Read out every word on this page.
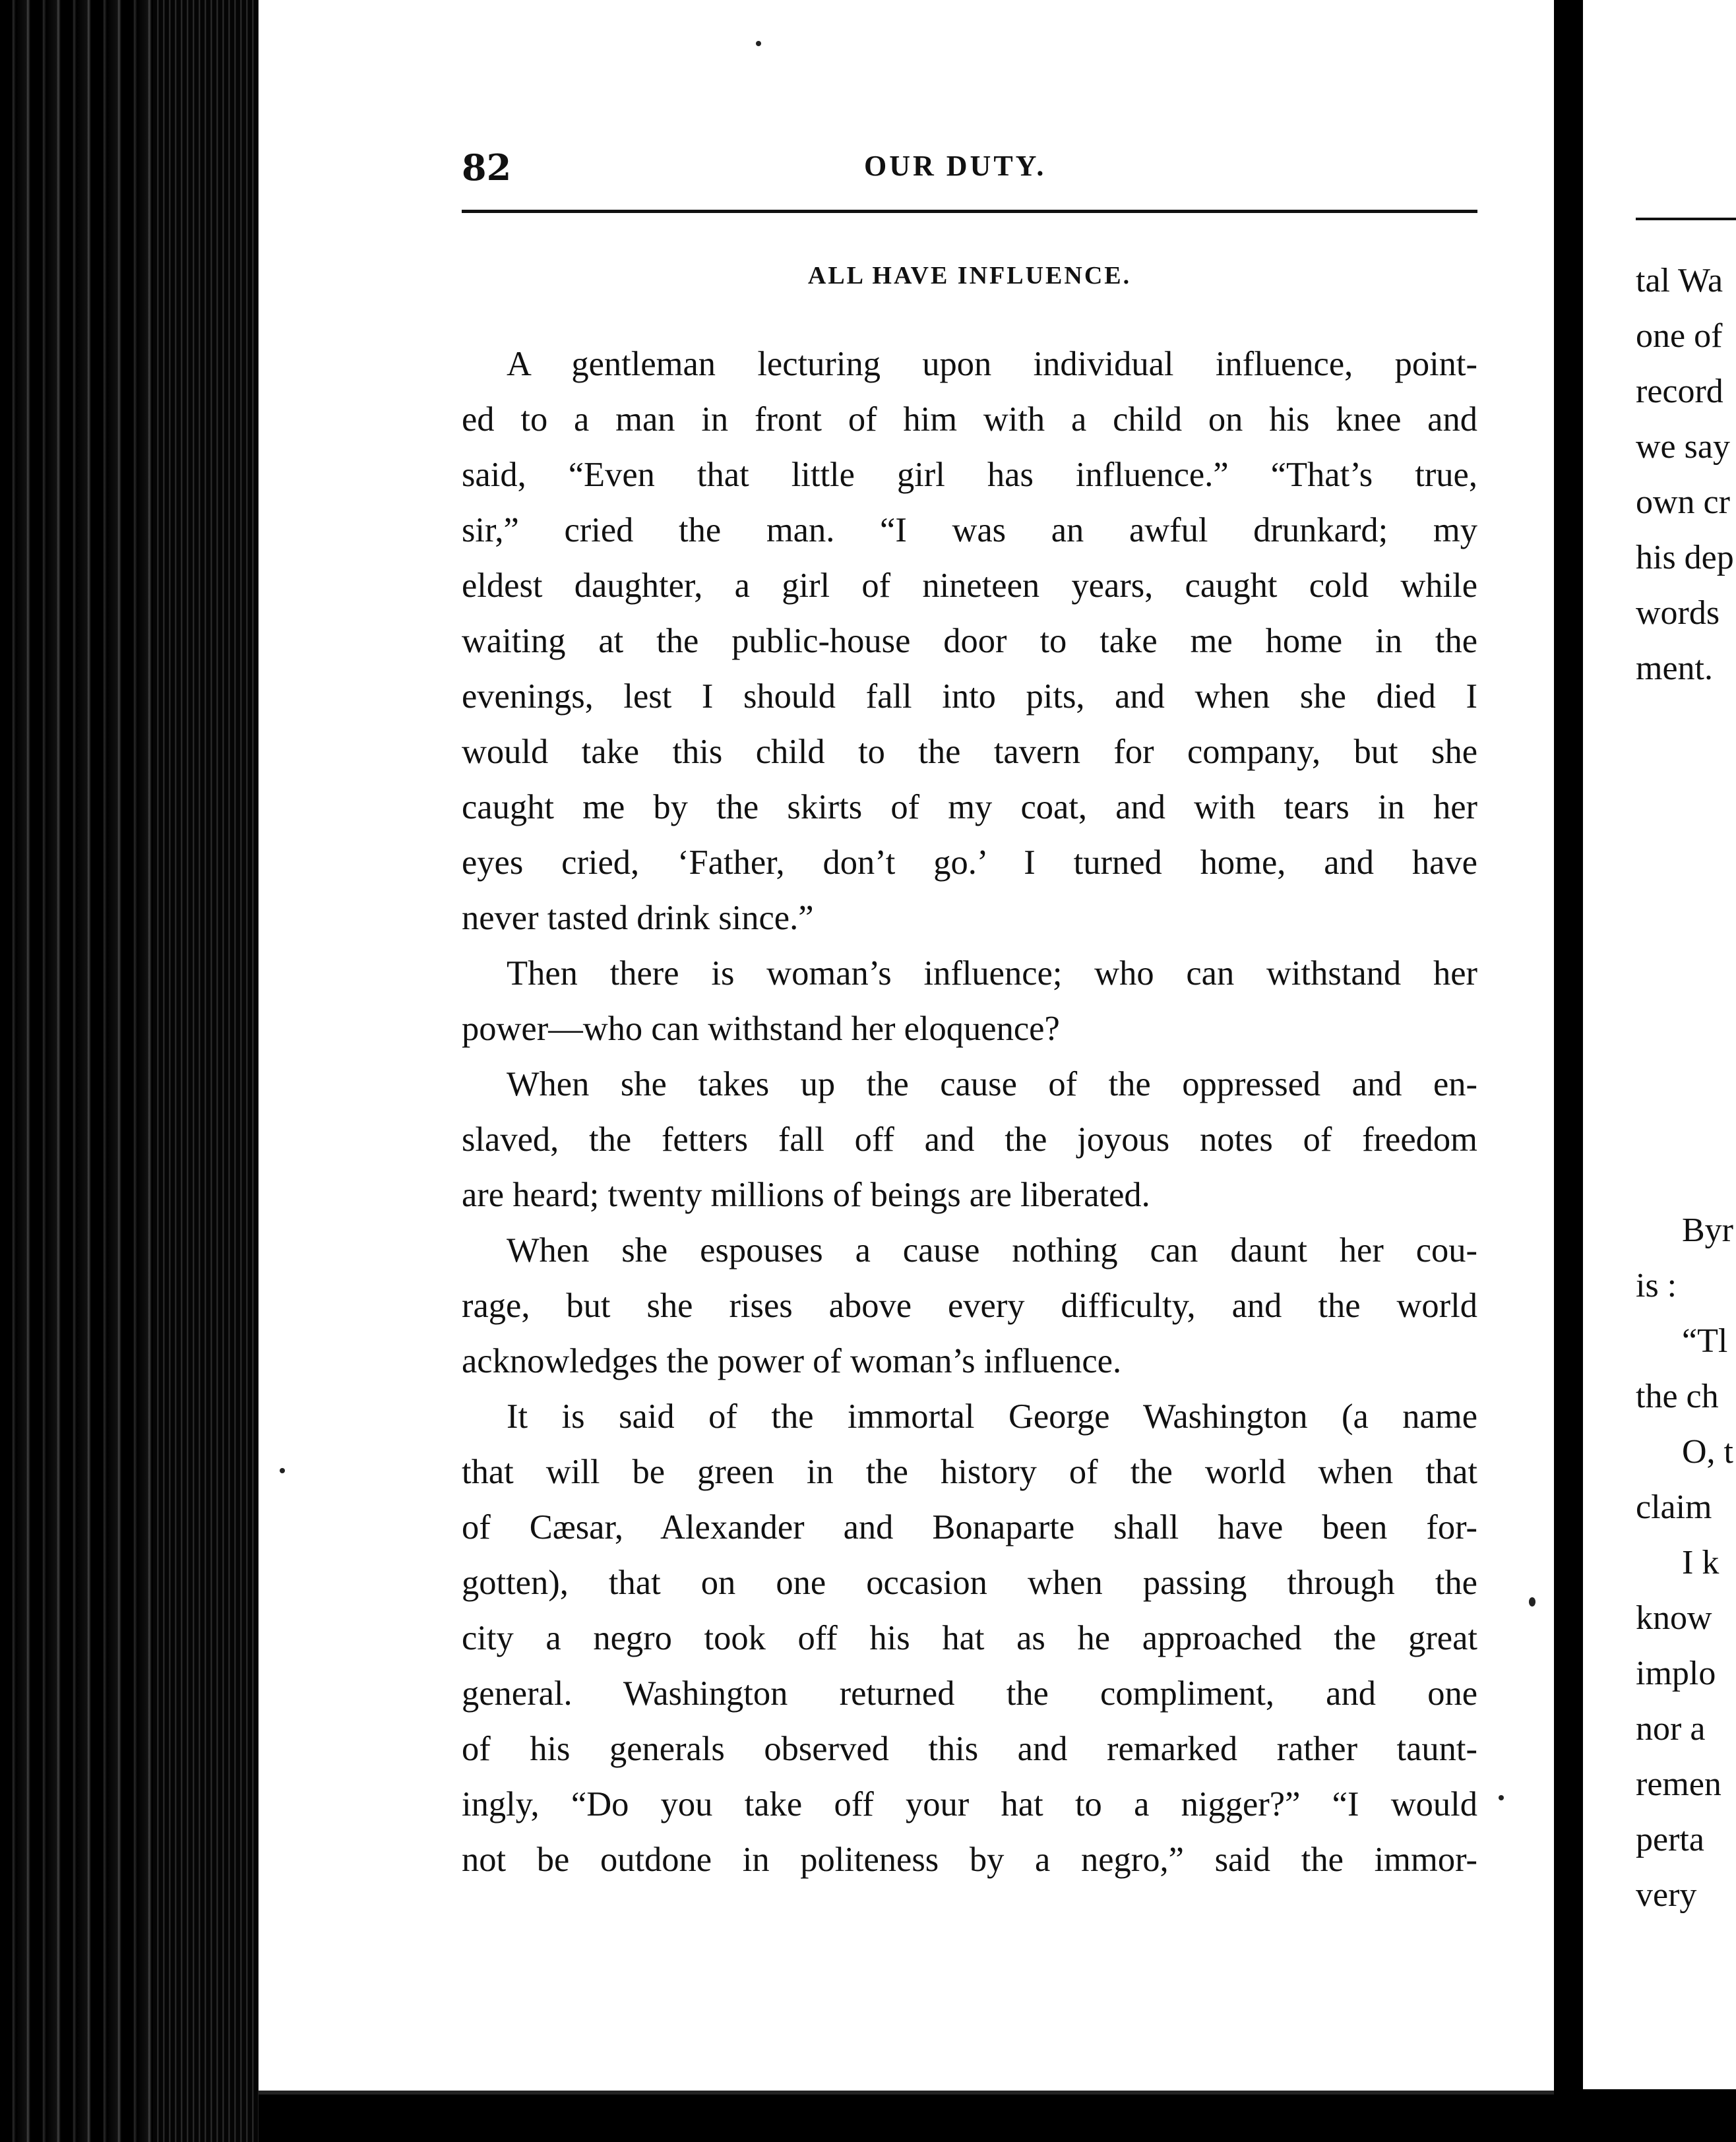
82	OUR DUTY.
ALL HAVE INFLUENCE.
A gentleman lecturing upon individual influence, point-
ed to a man in front of him with a child on his knee and
said, “Even that little girl has influence.” “That’s true,
sir,” cried the man. “I was an awful drunkard; my
eldest daughter, a girl of nineteen years, caught cold while
waiting at the public-house door to take me home in the
evenings, lest I should fall into pits, and when she died I
would take this child to the tavern for company, but she
caught me by the skirts of my coat, and with tears in her
eyes cried, ‘Father, don’t go.’ I turned home, and have
never tasted drink since.”
Then there is woman’s influence; who can withstand her
power—who can withstand her eloquence?
When she takes up the cause of the oppressed and en-
slaved, the fetters fall off and the joyous notes of freedom
are heard; twenty millions of beings are liberated.
When she espouses a cause nothing can daunt her cou-
rage, but she rises above every difficulty, and the world
acknowledges the power of woman’s influence.
It is said of the immortal George Washington (a name
that will be green in the history of the world when that
of Cæsar, Alexander and Bonaparte shall have been for-
gotten), that on one occasion when passing through the
city a negro took off his hat as he approached the great
general. Washington returned the compliment, and one
of his generals observed this and remarked rather taunt-
ingly, “Do you take off your hat to a nigger?” “I would
not be outdone in politeness by a negro,” said the immor-
tal Wa
one of
record
we say
own cr
his dep
words
ment.
Byr
is :
“Tl
the ch
O, t
claim
I k
know
implo
nor a
remen
perta
very
